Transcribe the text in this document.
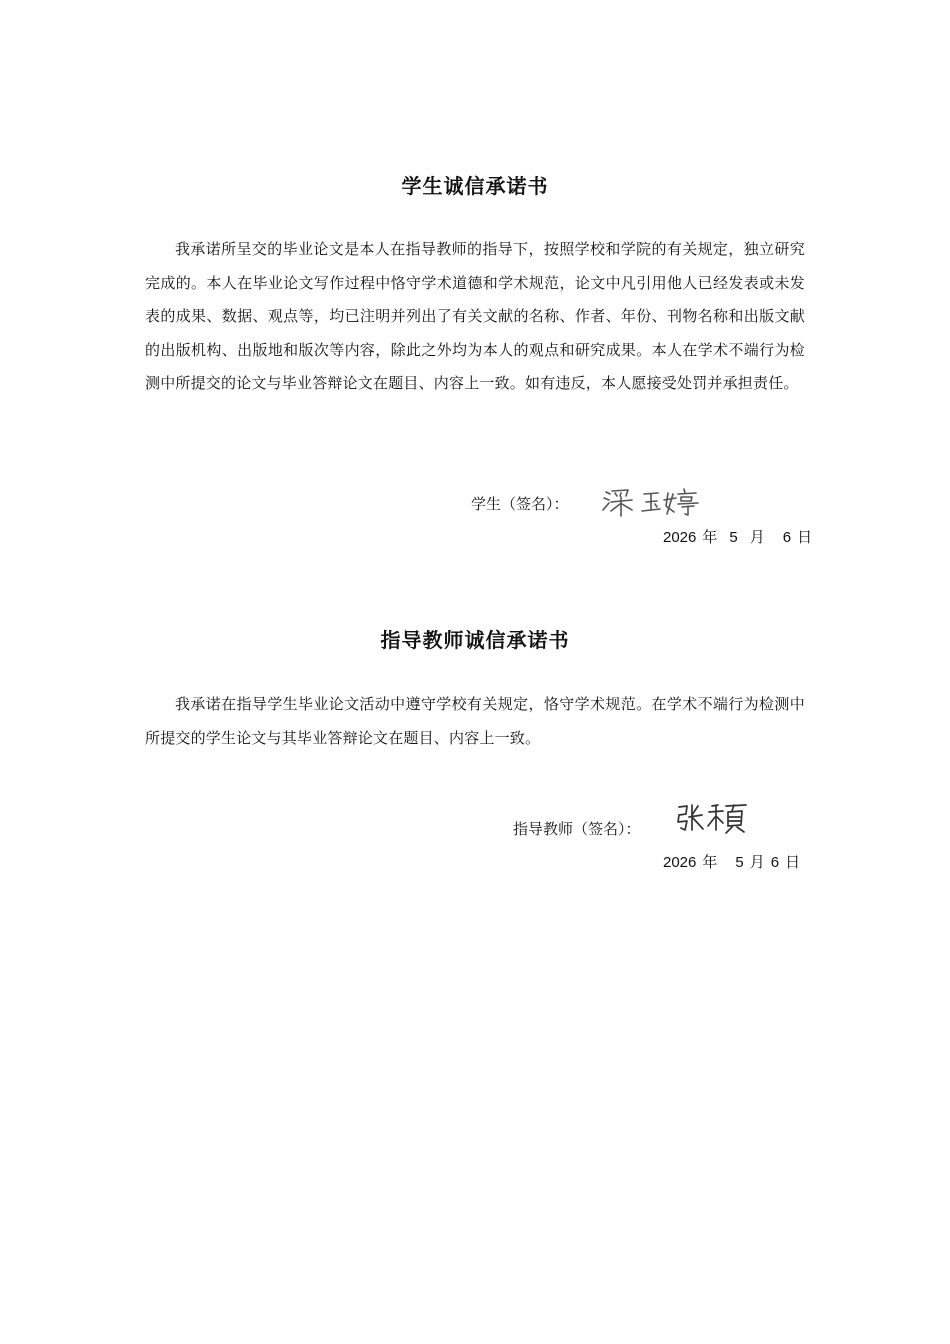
学生诚信承诺书
我承诺所呈交的毕业论文是本人在指导教师的指导下，按照学校和学院的有关规定，独立研究完成的。本人在毕业论文写作过程中恪守学术道德和学术规范，论文中凡引用他人已经发表或未发表的成果、数据、观点等，均已注明并列出了有关文献的名称、作者、年份、刊物名称和出版文献的出版机构、出版地和版次等内容，除此之外均为本人的观点和研究成果。本人在学术不端行为检测中所提交的论文与毕业答辩论文在题目、内容上一致。如有违反，本人愿接受处罚并承担责任。
学生（签名）：
2026 年 5 月 6 日
指导教师诚信承诺书
我承诺在指导学生毕业论文活动中遵守学校有关规定，恪守学术规范。在学术不端行为检测中所提交的学生论文与其毕业答辩论文在题目、内容上一致。
指导教师（签名）：
2026 年 5 月 6 日
